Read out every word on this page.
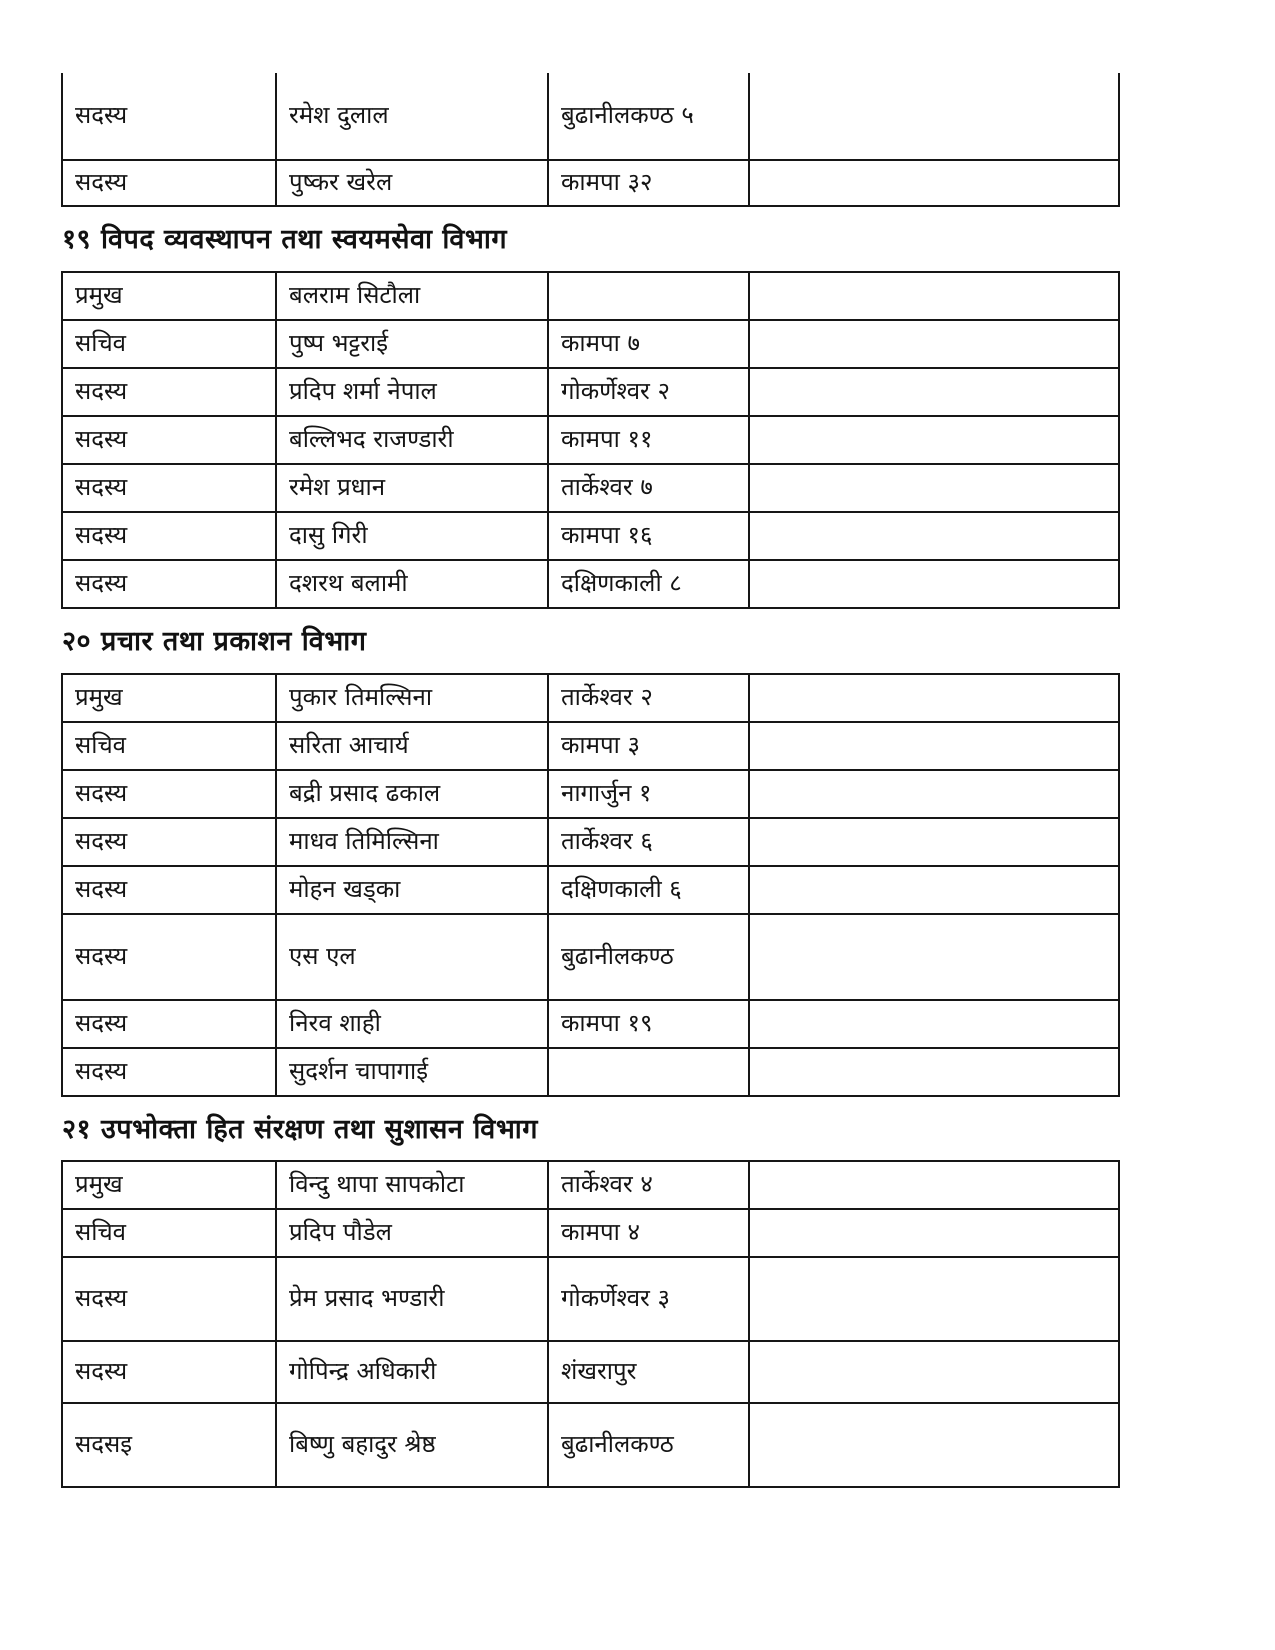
सदस्य	रमेश दुलाल	बुढानीलकण्ठ ५	
सदस्य	पुष्कर खरेल	कामपा ३२	
१९ विपद व्यवस्थापन तथा स्वयमसेवा विभाग
प्रमुख	बलराम सिटौला		
सचिव	पुष्प भट्टराई	कामपा ७	
सदस्य	प्रदिप शर्मा नेपाल	गोकर्णेश्वर २	
सदस्य	बल्लिभद राजण्डारी	कामपा ११	
सदस्य	रमेश प्रधान	तार्केश्वर ७	
सदस्य	दासु गिरी	कामपा १६	
सदस्य	दशरथ बलामी	दक्षिणकाली ८	
२० प्रचार तथा प्रकाशन विभाग
प्रमुख	पुकार तिमल्सिना	तार्केश्वर २	
सचिव	सरिता आचार्य	कामपा ३	
सदस्य	बद्री प्रसाद ढकाल	नागार्जुन १	
सदस्य	माधव तिमिल्सिना	तार्केश्वर ६	
सदस्य	मोहन खड्का	दक्षिणकाली ६	
सदस्य	एस एल	बुढानीलकण्ठ	
सदस्य	निरव शाही	कामपा १९	
सदस्य	सुदर्शन चापागाई		
२१ उपभोक्ता हित संरक्षण तथा सुशासन विभाग
प्रमुख	विन्दु थापा सापकोटा	तार्केश्वर ४	
सचिव	प्रदिप पौडेल	कामपा ४	
सदस्य	प्रेम प्रसाद भण्डारी	गोकर्णेश्वर ३	
सदस्य	गोपिन्द्र अधिकारी	शंखरापुर	
सदसइ	बिष्णु बहादुर श्रेष्ठ	बुढानीलकण्ठ	
